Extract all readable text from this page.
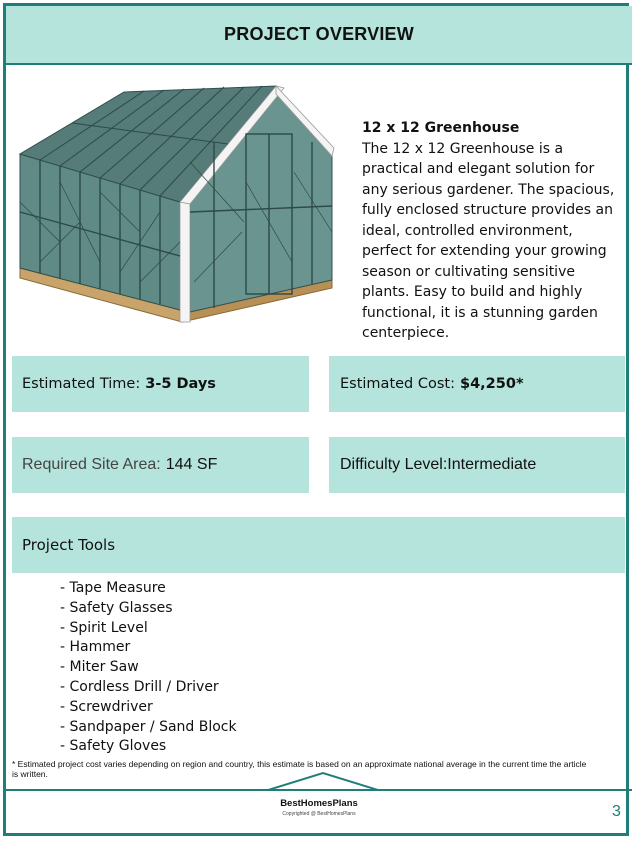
PROJECT OVERVIEW
12 x 12 Greenhouse
The 12 x 12 Greenhouse is a practical and elegant solution for any serious gardener. The spacious, fully enclosed structure provides an ideal, controlled environment, perfect for extending your growing season or cultivating sensitive plants. Easy to build and highly functional, it is a stunning garden centerpiece.
Estimated Time: 3-5 Days	Estimated Cost: $4,250*
Required Site Area: 144 SF	Difficulty Level:Intermediate
Project Tools
- Tape Measure
- Safety Glasses
- Spirit Level
- Hammer
- Miter Saw
- Cordless Drill / Driver
- Screwdriver
- Sandpaper / Sand Block
- Safety Gloves
* Estimated project cost varies depending on region and country, this estimate is based on an approximate national average in the current time the article is written.
BestHomesPlans
Copyrighted @ BestHomesPlans	3
